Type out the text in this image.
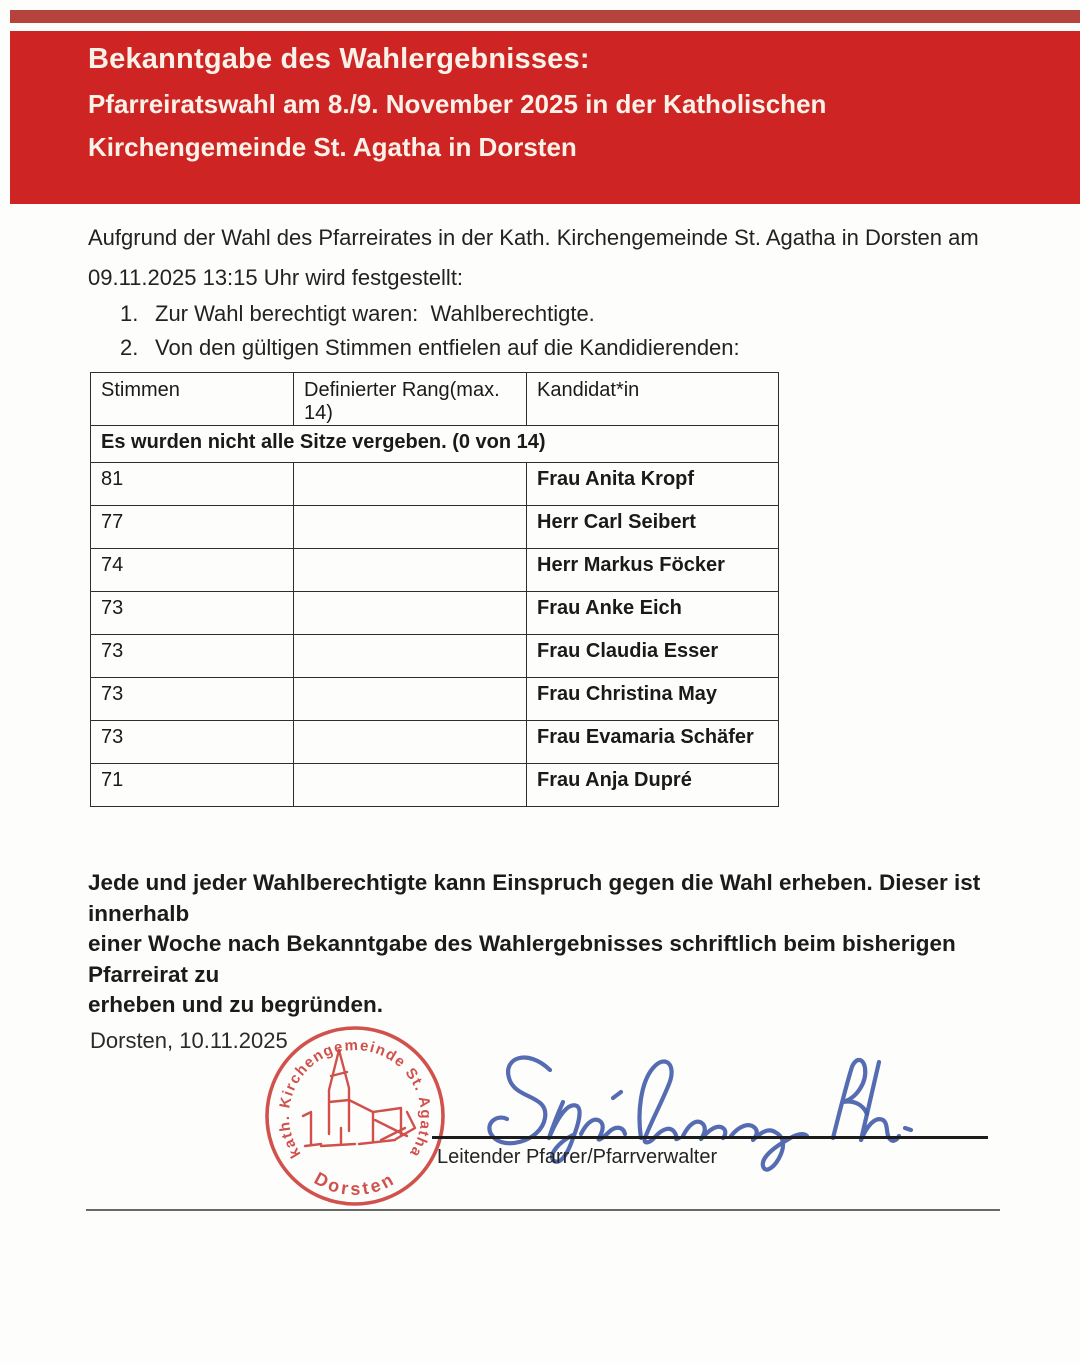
Bekanntgabe des Wahlergebnisses:
Pfarreiratswahl am 8./9. November 2025 in der Katholischen
Kirchengemeinde St. Agatha in Dorsten
Aufgrund der Wahl des Pfarreirates in der Kath. Kirchengemeinde St. Agatha in Dorsten am
09.11.2025 13:15 Uhr wird festgestellt:
1. Zur Wahl berechtigt waren:  Wahlberechtigte.
2. Von den gültigen Stimmen entfielen auf die Kandidierenden:
Stimmen	Definierter Rang(max. 14)	Kandidat*in
Es wurden nicht alle Sitze vergeben. (0 von 14)		
81		Frau Anita Kropf
77		Herr Carl Seibert
74		Herr Markus Föcker
73		Frau Anke Eich
73		Frau Claudia Esser
73		Frau Christina May
73		Frau Evamaria Schäfer
71		Frau Anja Dupré
Jede und jeder Wahlberechtigte kann Einspruch gegen die Wahl erheben. Dieser ist innerhalb
einer Woche nach Bekanntgabe des Wahlergebnisses schriftlich beim bisherigen Pfarreirat zu
erheben und zu begründen.
Dorsten, 10.11.2025
kath. Kirchengemeinde St. Agatha
Dorsten
Leitender Pfarrer/Pfarrverwalter
